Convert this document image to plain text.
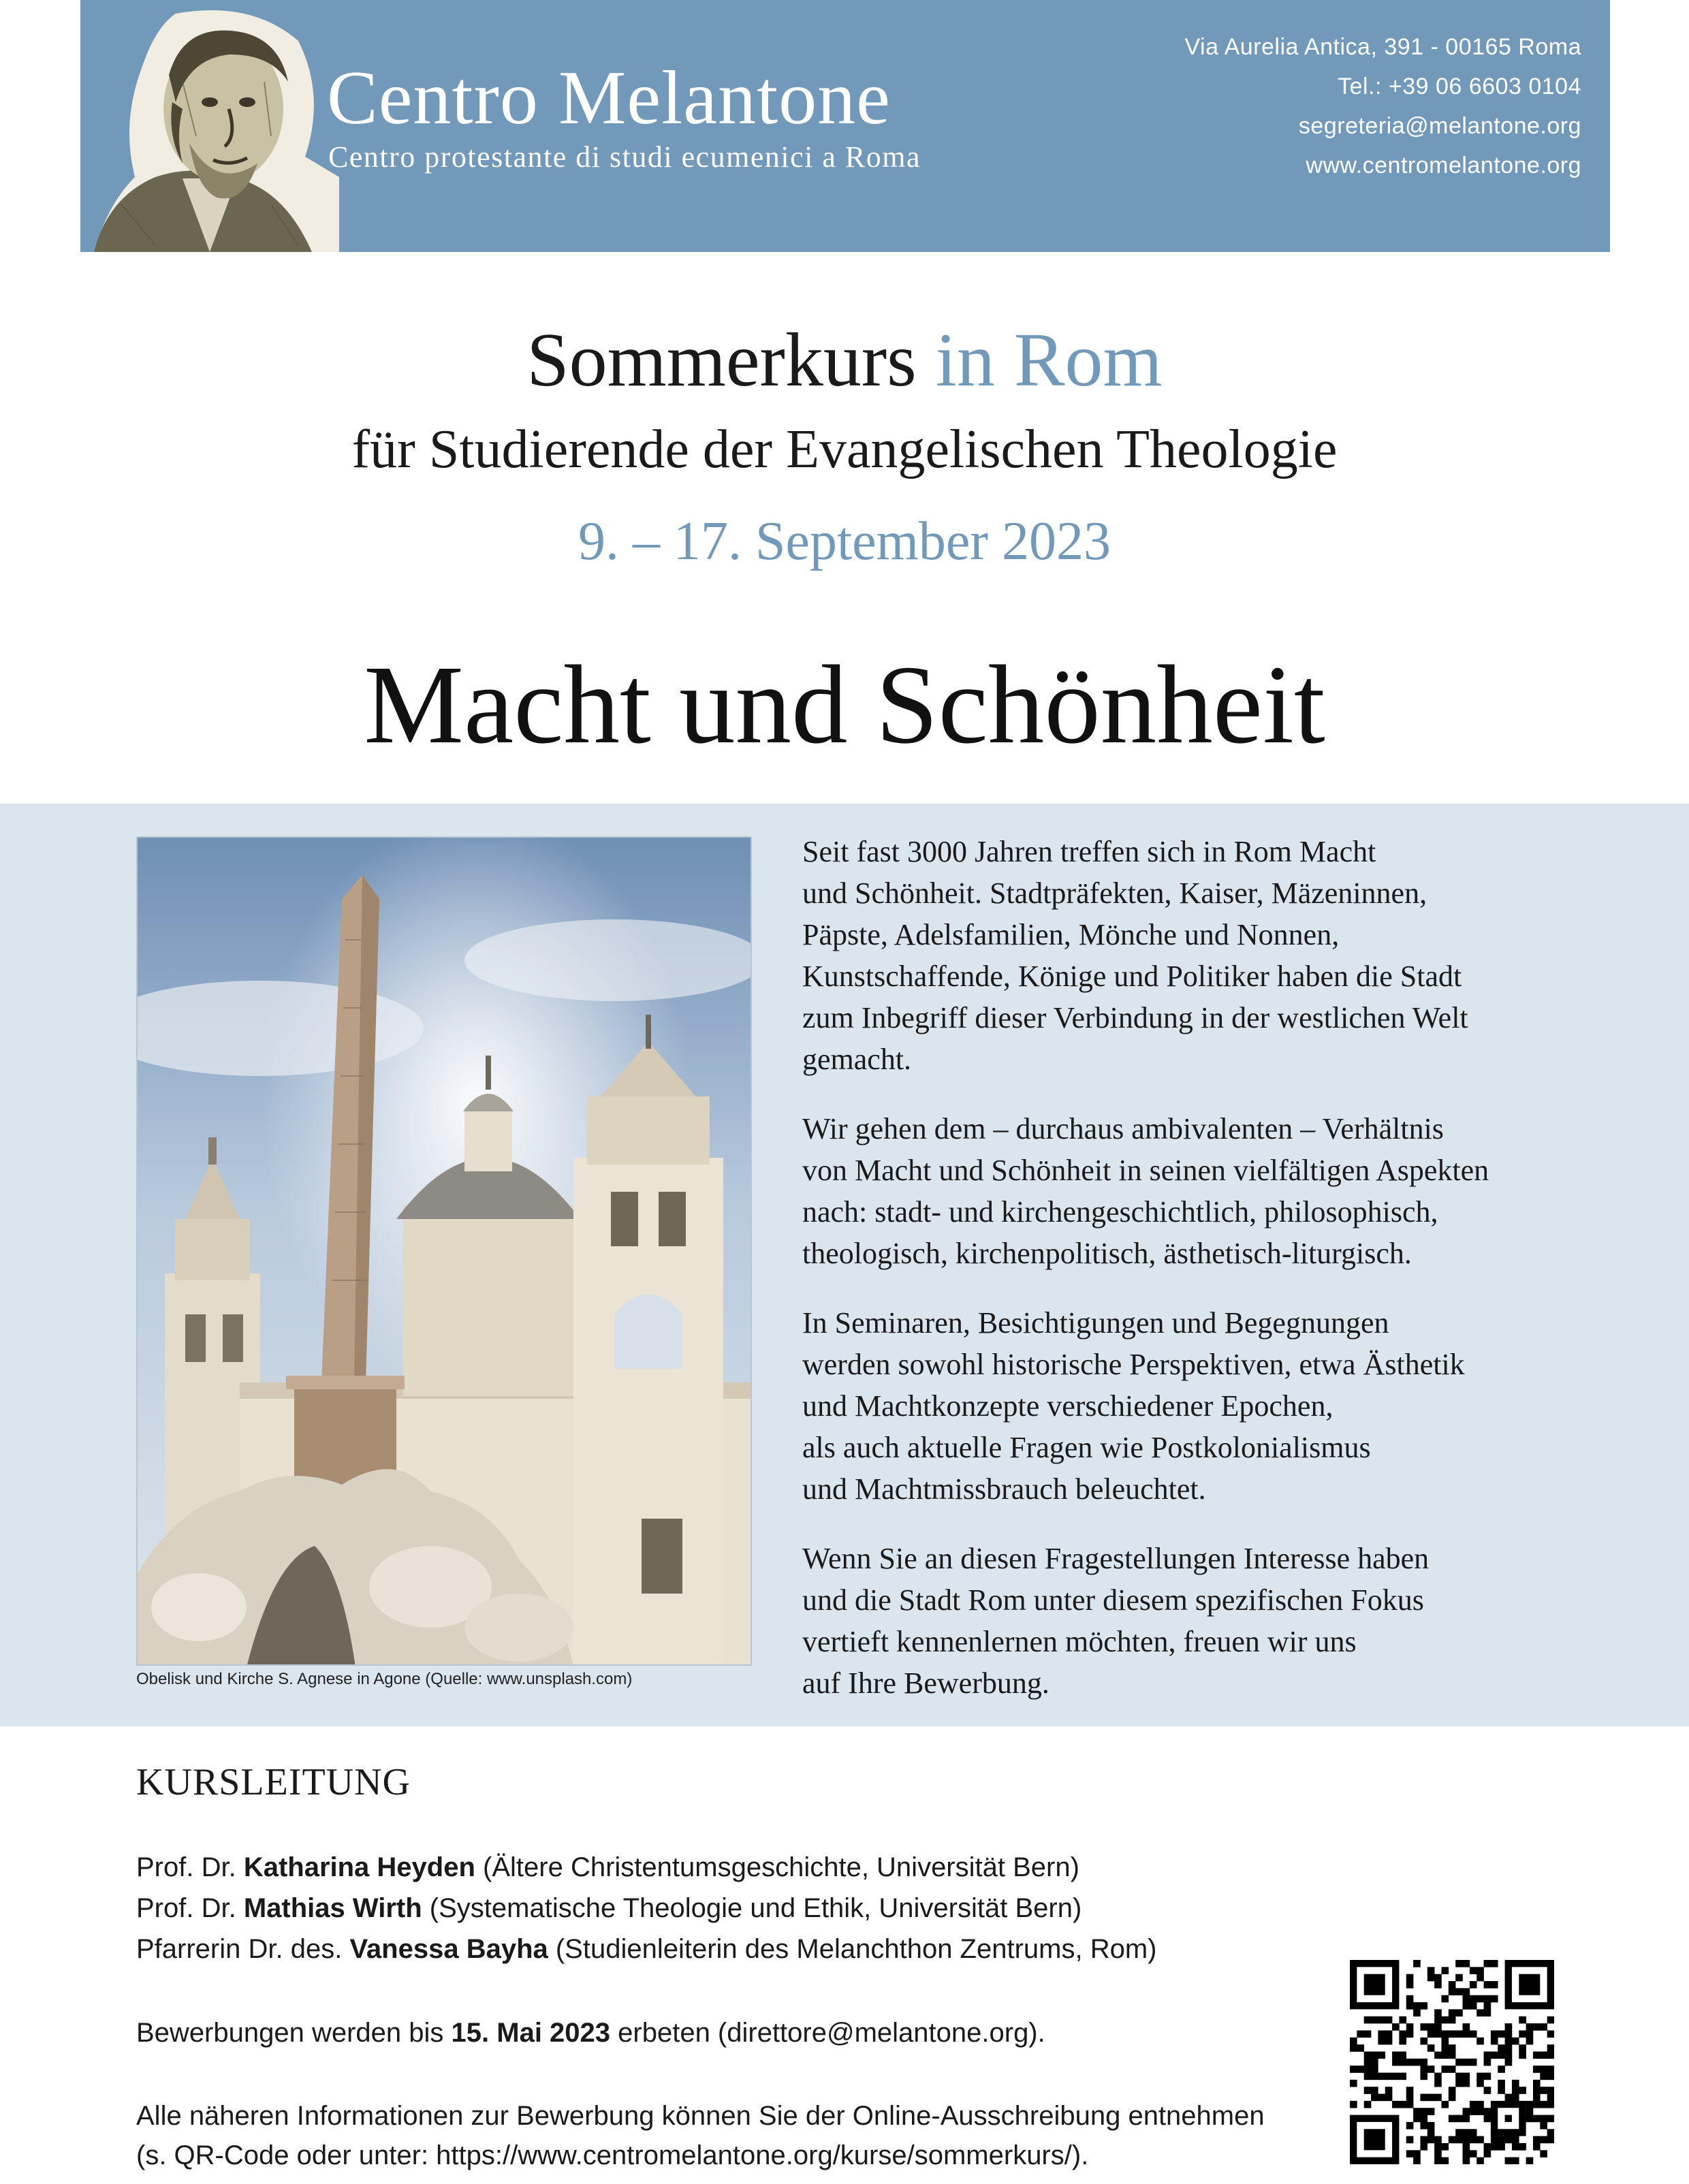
Centro Melantone
Centro protestante di studi ecumenici a Roma
Via Aurelia Antica, 391 - 00165 Roma
Tel.: +39 06 6603 0104
segreteria@melantone.org
www.centromelantone.org
Sommerkurs in Rom
für Studierende der Evangelischen Theologie
9. – 17. September 2023
Macht und Schönheit
Obelisk und Kirche S. Agnese in Agone (Quelle: www.unsplash.com)

Seit fast 3000 Jahren treffen sich in Rom Macht
und Schönheit. Stadtpräfekten, Kaiser, Mäzeninnen,
Päpste, Adelsfamilien, Mönche und Nonnen,
Kunstschaffende, Könige und Politiker haben die Stadt
zum Inbegriff dieser Verbindung in der westlichen Welt
gemacht.

Wir gehen dem – durchaus ambivalenten – Verhältnis
von Macht und Schönheit in seinen vielfältigen Aspekten
nach: stadt- und kirchengeschichtlich, philosophisch,
theologisch, kirchenpolitisch, ästhetisch-liturgisch.

In Seminaren, Besichtigungen und Begegnungen
werden sowohl historische Perspektiven, etwa Ästhetik
und Machtkonzepte verschiedener Epochen,
als auch aktuelle Fragen wie Postkolonialismus
und Machtmissbrauch beleuchtet.

Wenn Sie an diesen Fragestellungen Interesse haben
und die Stadt Rom unter diesem spezifischen Fokus
vertieft kennenlernen möchten, freuen wir uns
auf Ihre Bewerbung.

KURSLEITUNG
Prof. Dr. Katharina Heyden (Ältere Christentumsgeschichte, Universität Bern)
Prof. Dr. Mathias Wirth (Systematische Theologie und Ethik, Universität Bern)
Pfarrerin Dr. des. Vanessa Bayha (Studienleiterin des Melanchthon Zentrums, Rom)
Bewerbungen werden bis 15. Mai 2023 erbeten (direttore@melantone.org).
Alle näheren Informationen zur Bewerbung können Sie der Online-Ausschreibung entnehmen
(s. QR-Code oder unter: https://www.centromelantone.org/kurse/sommerkurs/).
